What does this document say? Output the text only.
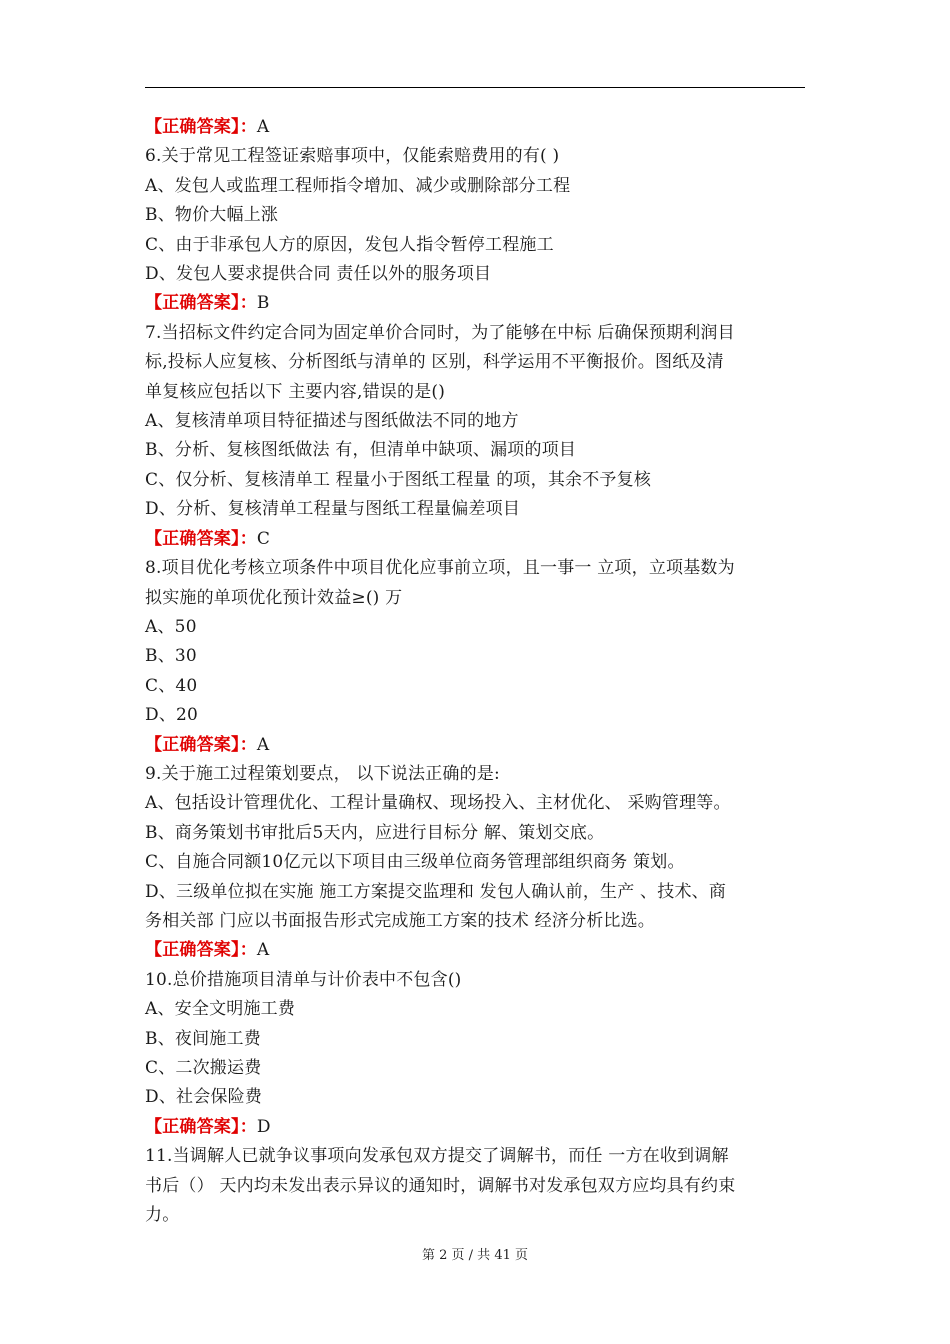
【正确答案】：A
6.关于常见工程签证索赔事项中，仅能索赔费用的有( )
A、发包人或监理工程师指令增加、减少或删除部分工程
B、物价大幅上涨
C、由于非承包人方的原因，发包人指令暂停工程施工
D、发包人要求提供合同 责任以外的服务项目
【正确答案】：B
7.当招标文件约定合同为固定单价合同时，为了能够在中标 后确保预期利润目
标,投标人应复核、分析图纸与清单的 区别，科学运用不平衡报价。图纸及清
单复核应包括以下 主要内容,错误的是()
A、复核清单项目特征描述与图纸做法不同的地方
B、分析、复核图纸做法 有，但清单中缺项、漏项的项目
C、仅分析、复核清单工 程量小于图纸工程量 的项，其余不予复核
D、分析、复核清单工程量与图纸工程量偏差项目
【正确答案】：C
8.项目优化考核立项条件中项目优化应事前立项，且一事一 立项，立项基数为
拟实施的单项优化预计效益≥() 万
A、50
B、30
C、40
D、20
【正确答案】：A
9.关于施工过程策划要点， 以下说法正确的是:
A、包括设计管理优化、工程计量确权、现场投入、主材优化、 采购管理等。
B、商务策划书审批后5天内，应进行目标分 解、策划交底。
C、自施合同额10亿元以下项目由三级单位商务管理部组织商务 策划。
D、三级单位拟在实施 施工方案提交监理和 发包人确认前，生产 、技术、商
务相关部 门应以书面报告形式完成施工方案的技术 经济分析比选。
【正确答案】：A
10.总价措施项目清单与计价表中不包含()
A、安全文明施工费
B、夜间施工费
C、二次搬运费
D、社会保险费
【正确答案】：D
11.当调解人已就争议事项向发承包双方提交了调解书，而任 一方在收到调解
书后（） 天内均未发出表示异议的通知时，调解书对发承包双方应均具有约束
力。
第 2 页 / 共 41 页
